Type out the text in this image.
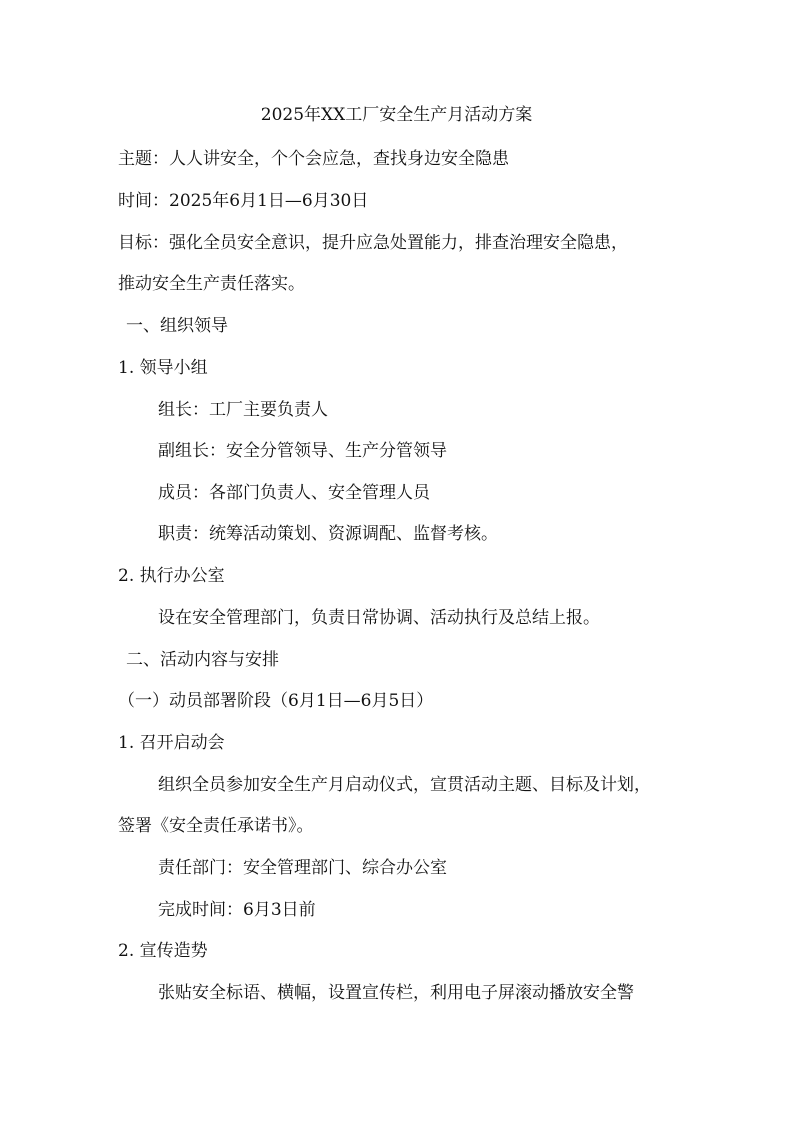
2025年XX工厂安全生产月活动方案
主题：人人讲安全，个个会应急，查找身边安全隐患
时间：2025年6月1日—6月30日
目标：强化全员安全意识，提升应急处置能力，排查治理安全隐患，
推动安全生产责任落实。
一、组织领导
1. 领导小组
组长：工厂主要负责人
副组长：安全分管领导、生产分管领导
成员：各部门负责人、安全管理人员
职责：统筹活动策划、资源调配、监督考核。
2. 执行办公室
设在安全管理部门，负责日常协调、活动执行及总结上报。
二、活动内容与安排
（一）动员部署阶段（6月1日—6月5日）
1. 召开启动会
组织全员参加安全生产月启动仪式，宣贯活动主题、目标及计划，
签署《安全责任承诺书》。
责任部门：安全管理部门、综合办公室
完成时间：6月3日前
2. 宣传造势
张贴安全标语、横幅，设置宣传栏，利用电子屏滚动播放安全警
